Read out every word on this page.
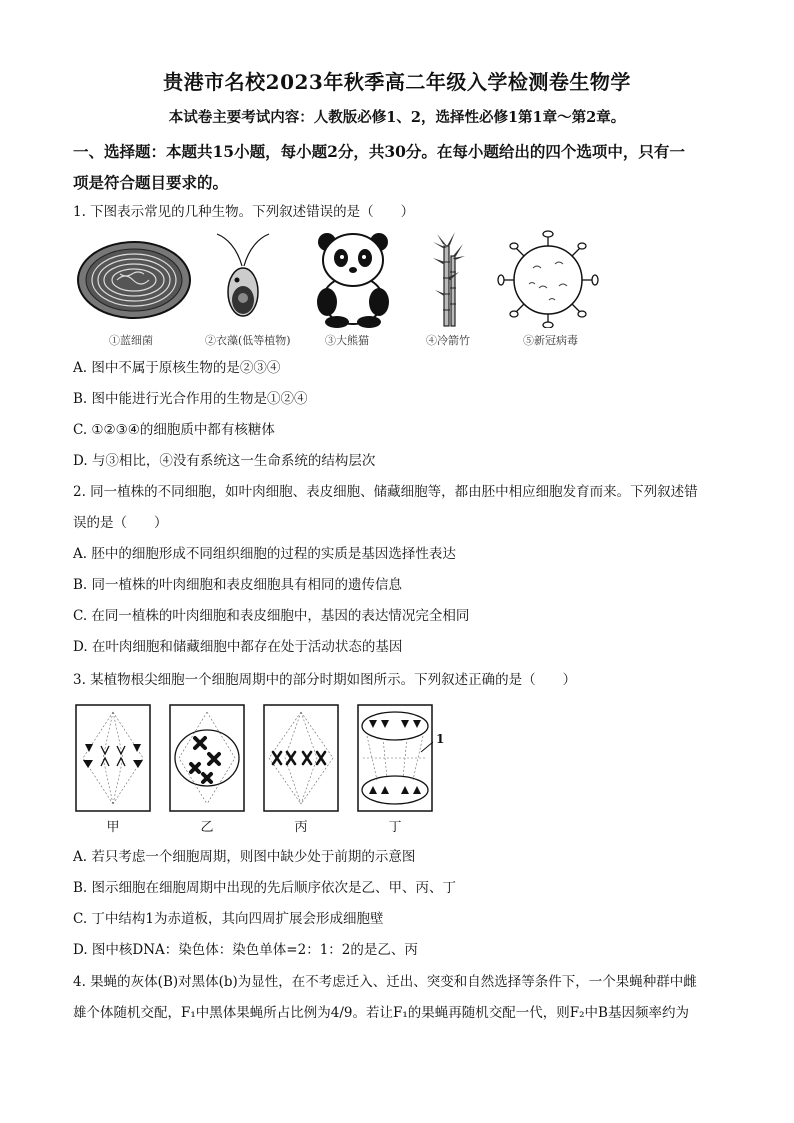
贵港市名校2023年秋季高二年级入学检测卷生物学
本试卷主要考试内容：人教版必修1、2，选择性必修1第1章～第2章。
一、选择题：本题共15小题，每小题2分，共30分。在每小题给出的四个选项中，只有一
项是符合题目要求的。
1. 下图表示常见的几种生物。下列叙述错误的是（　　）
①蓝细菌	②衣藻(低等植物)	③大熊猫	④冷箭竹	⑤新冠病毒
A. 图中不属于原核生物的是②③④
B. 图中能进行光合作用的生物是①②④
C. ①②③④的细胞质中都有核糖体
D. 与③相比，④没有系统这一生命系统的结构层次
2. 同一植株的不同细胞，如叶肉细胞、表皮细胞、储藏细胞等，都由胚中相应细胞发育而来。下列叙述错
误的是（　　）
A. 胚中的细胞形成不同组织细胞的过程的实质是基因选择性表达
B. 同一植株的叶肉细胞和表皮细胞具有相同的遗传信息
C. 在同一植株的叶肉细胞和表皮细胞中，基因的表达情况完全相同
D. 在叶肉细胞和储藏细胞中都存在处于活动状态的基因
3. 某植物根尖细胞一个细胞周期中的部分时期如图所示。下列叙述正确的是（　　）
甲	乙	丙	丁
1
A. 若只考虑一个细胞周期，则图中缺少处于前期的示意图
B. 图示细胞在细胞周期中出现的先后顺序依次是乙、甲、丙、丁
C. 丁中结构1为赤道板，其向四周扩展会形成细胞壁
D. 图中核DNA：染色体：染色单体=2：1：2的是乙、丙
4. 果蝇的灰体(B)对黑体(b)为显性，在不考虑迁入、迁出、突变和自然选择等条件下，一个果蝇种群中雌
雄个体随机交配，F₁中黑体果蝇所占比例为4/9。若让F₁的果蝇再随机交配一代，则F₂中B基因频率约为
